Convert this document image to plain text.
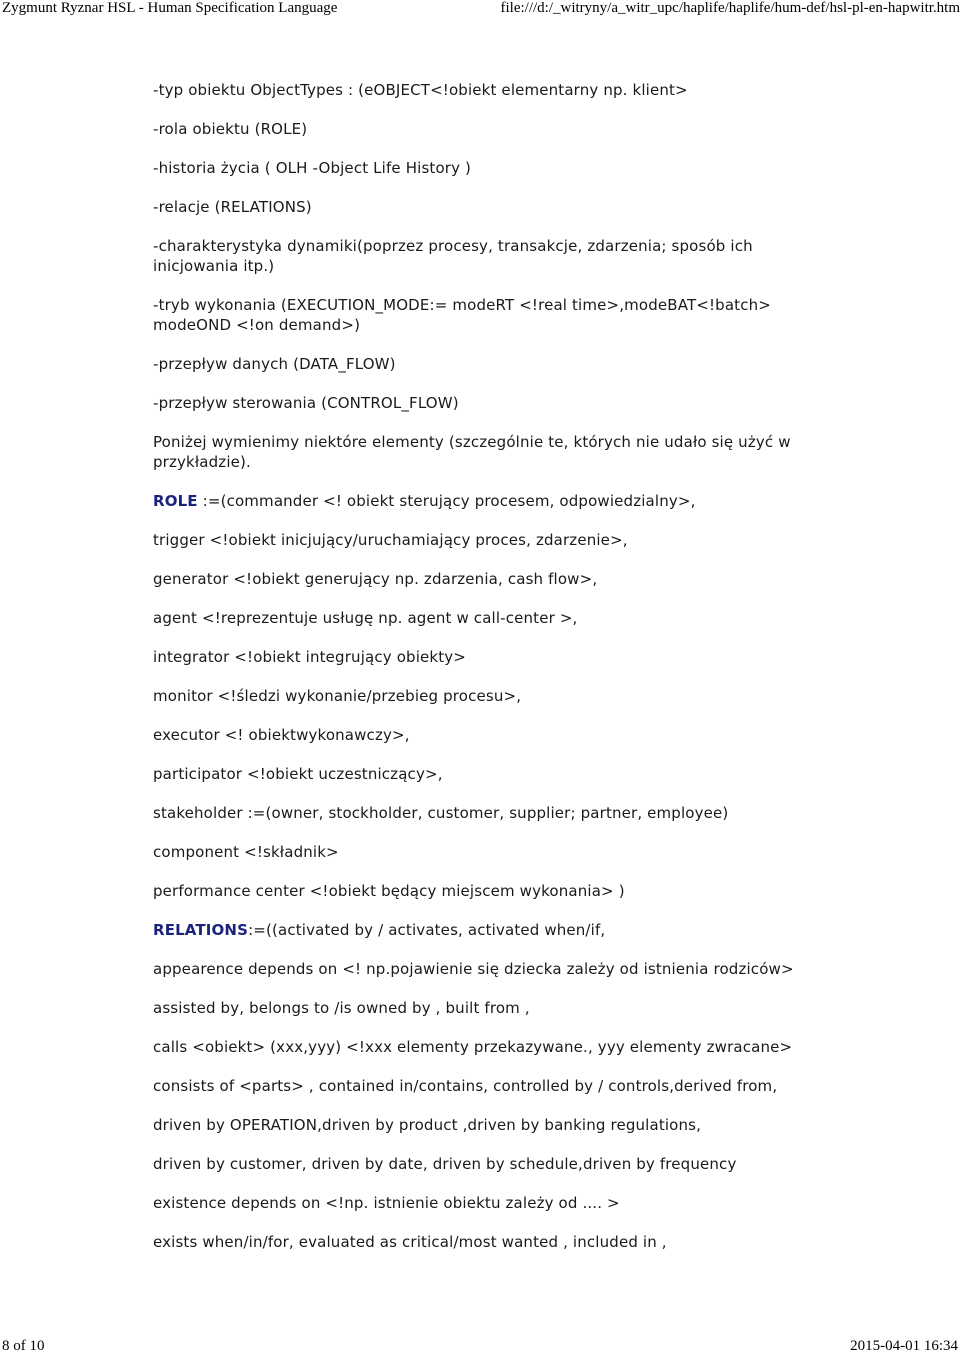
Zygmunt Ryznar HSL - Human Specification Language	file:///d:/_witryny/a_witr_upc/haplife/haplife/hum-def/hsl-pl-en-hapwitr.htm

-typ obiektu ObjectTypes : (eOBJECT<!obiekt elementarny np. klient>

-rola obiektu (ROLE)

-historia życia ( OLH -Object Life History )

-relacje (RELATIONS)

-charakterystyka dynamiki(poprzez procesy, transakcje, zdarzenia; sposób ich inicjowania itp.)

-tryb wykonania (EXECUTION_MODE:= modeRT <!real time>,modeBAT<!batch> modeOND <!on demand>)

-przepływ danych (DATA_FLOW)

-przepływ sterowania (CONTROL_FLOW)

Poniżej wymienimy niektóre elementy (szczególnie te, których nie udało się użyć w przykładzie).

ROLE :=(commander <! obiekt sterujący procesem, odpowiedzialny>,

trigger <!obiekt inicjujący/uruchamiający proces, zdarzenie>,

generator <!obiekt generujący np. zdarzenia, cash flow>,

agent <!reprezentuje usługę np. agent w call-center >,

integrator <!obiekt integrujący obiekty>

monitor <!śledzi wykonanie/przebieg procesu>,

executor <! obiektwykonawczy>,

participator <!obiekt uczestniczący>,

stakeholder :=(owner, stockholder, customer, supplier; partner, employee)

component <!składnik>

performance center <!obiekt będący miejscem wykonania> )

RELATIONS:=((activated by / activates, activated when/if,

appearence depends on <! np.pojawienie się dziecka zależy od istnienia rodziców>

assisted by, belongs to /is owned by , built from ,

calls <obiekt> (xxx,yyy) <!xxx elementy przekazywane., yyy elementy zwracane>

consists of <parts> , contained in/contains, controlled by / controls,derived from,

driven by OPERATION,driven by product ,driven by banking regulations,

driven by customer, driven by date, driven by schedule,driven by frequency

existence depends on <!np. istnienie obiektu zależy od .... >

exists when/in/for, evaluated as critical/most wanted , included in ,

8 of 10	2015-04-01 16:34
